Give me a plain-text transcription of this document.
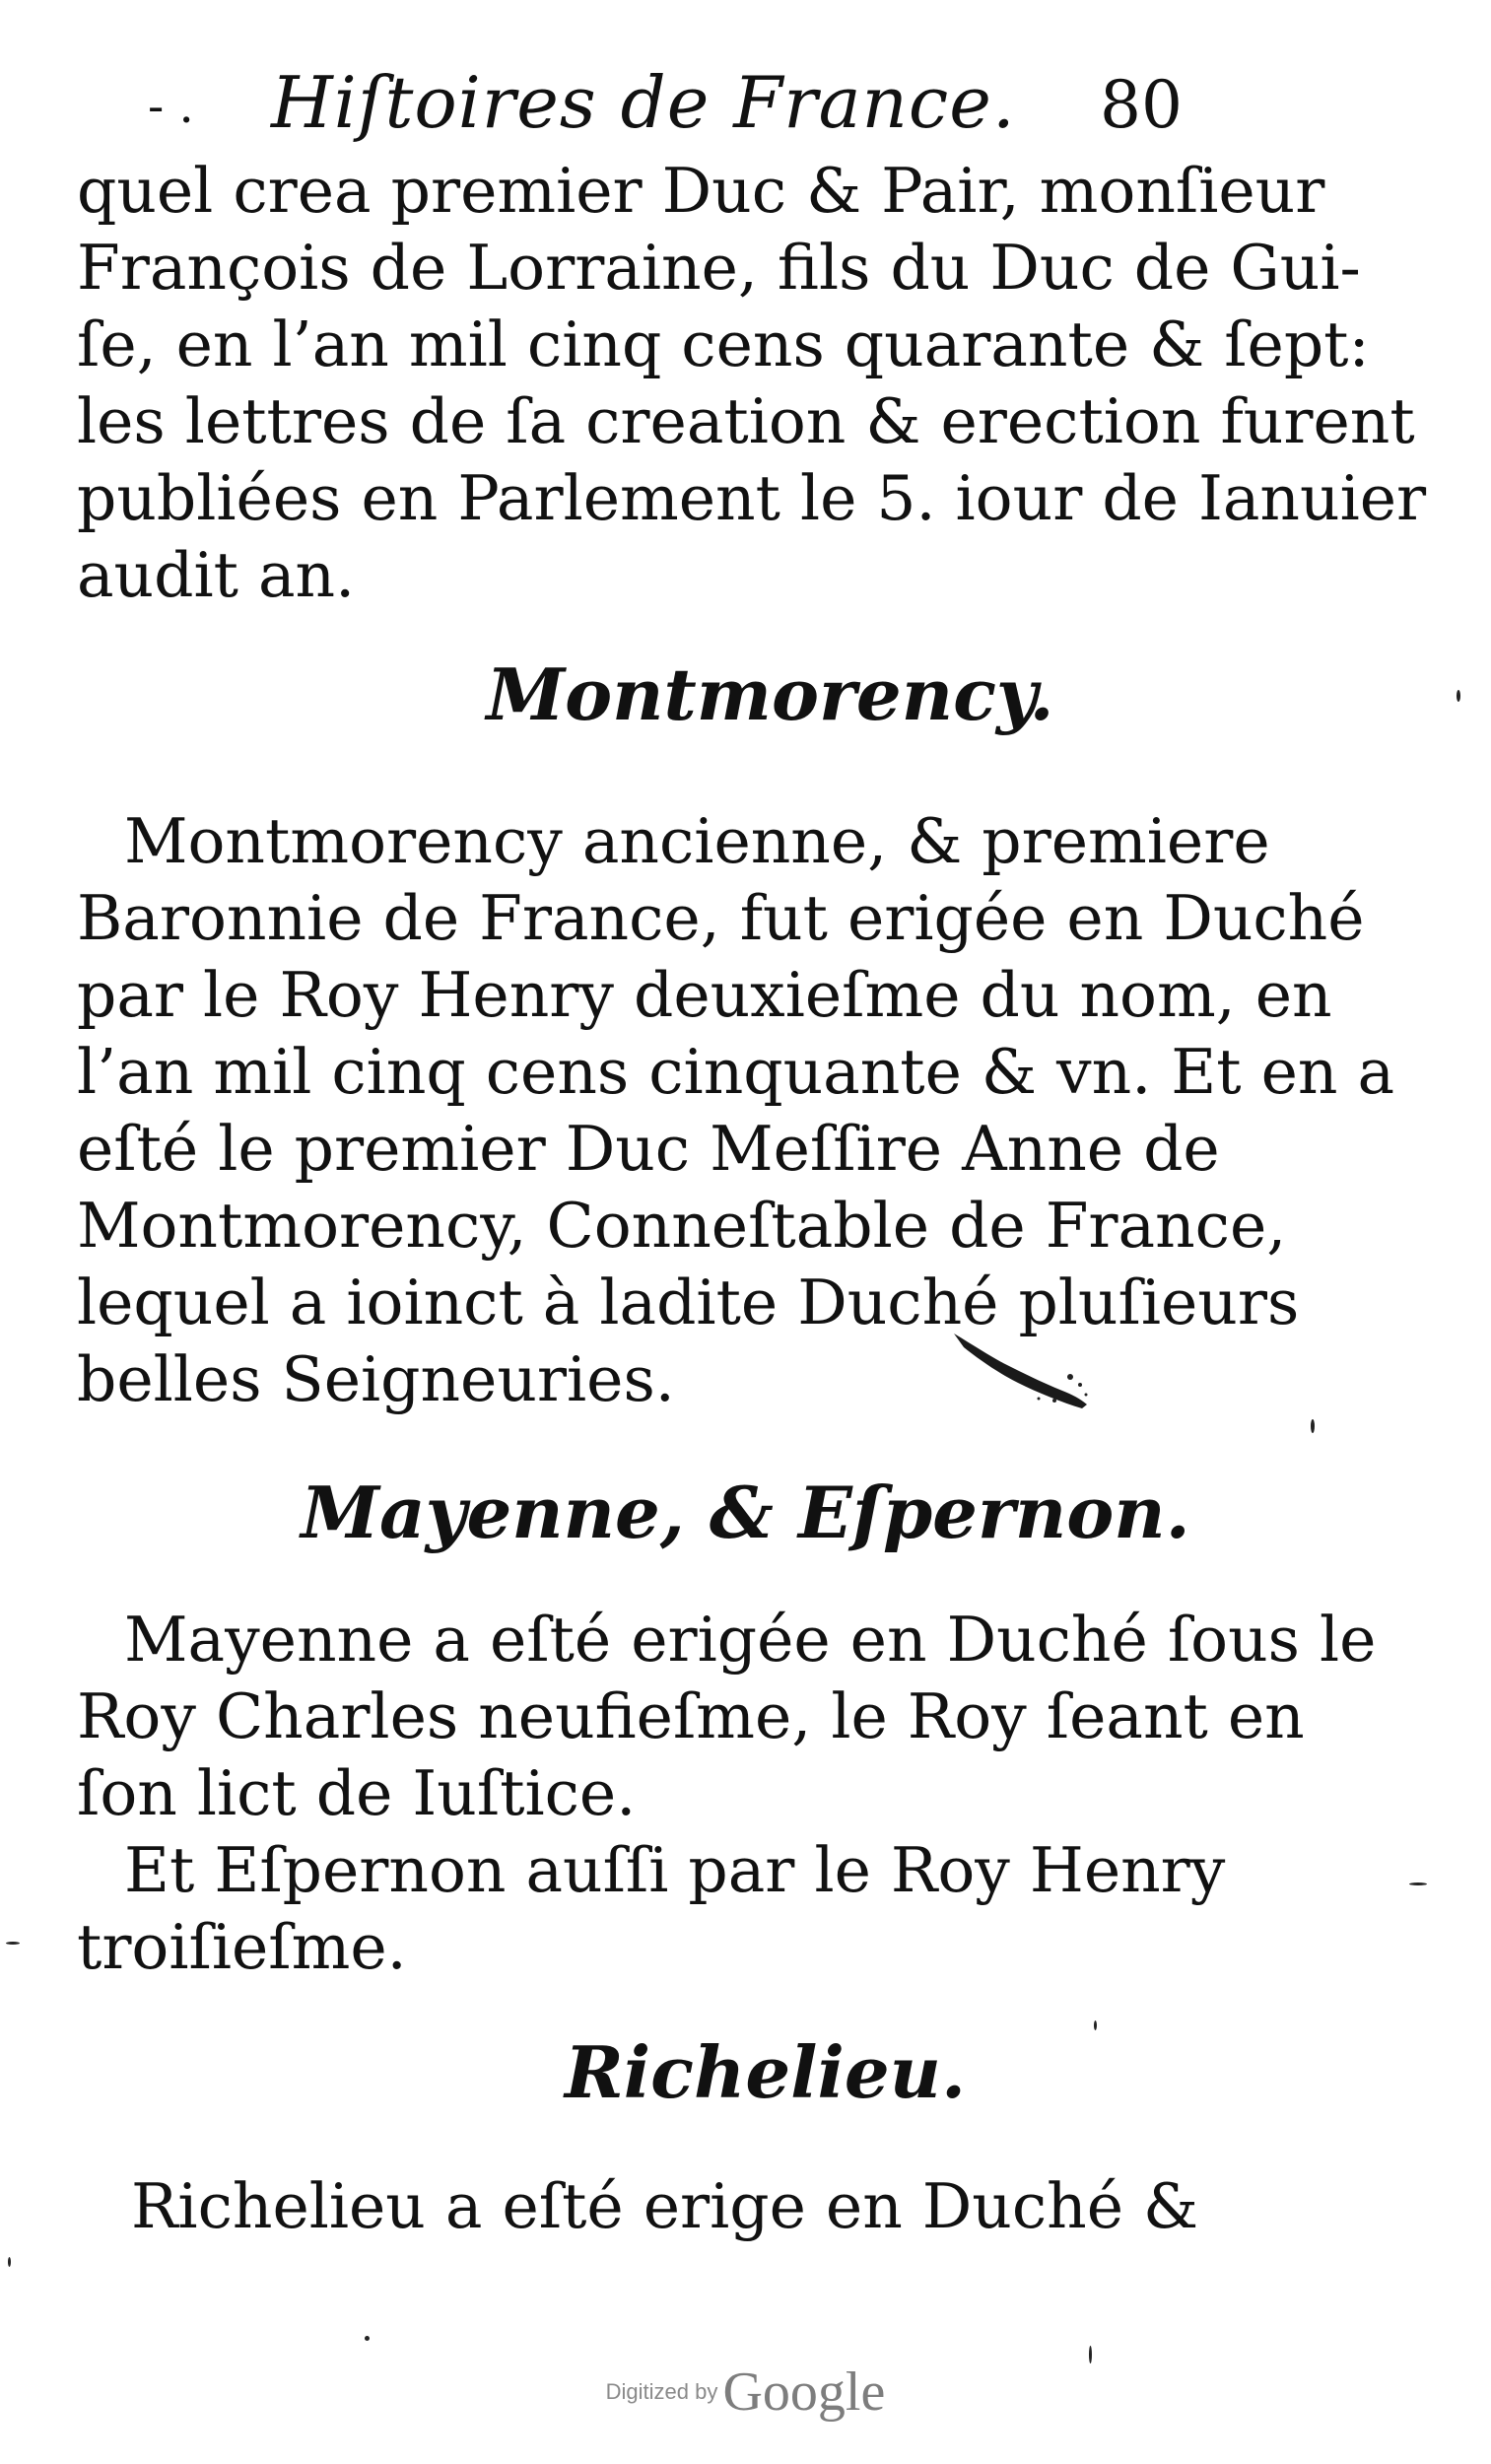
- . Hiſtoires de France. 80
quel crea premier Duc & Pair, monſieur
François de Lorraine, fils du Duc de Gui-
ſe, en l’an mil cinq cens quarante & ſept:
les lettres de ſa creation & erection furent
publiées en Parlement le 5. iour de Ianuier
audit an.
Montmorency.
Montmorency ancienne, & premiere
Baronnie de France, fut erigée en Duché
par le Roy Henry deuxieſme du nom, en
l’an mil cinq cens cinquante & vn. Et en a
eſté le premier Duc Meſſire Anne de
Montmorency, Conneſtable de France,
lequel a ioinct à ladite Duché pluſieurs
belles Seigneuries.
Mayenne, & Eſpernon.
Mayenne a eſté erigée en Duché ſous le
Roy Charles neufieſme, le Roy ſeant en
ſon lict de Iuſtice.
Et Eſpernon auſſi par le Roy Henry
troiſieſme.
Richelieu.
Richelieu a eſté erige en Duché &
Digitized by Google
